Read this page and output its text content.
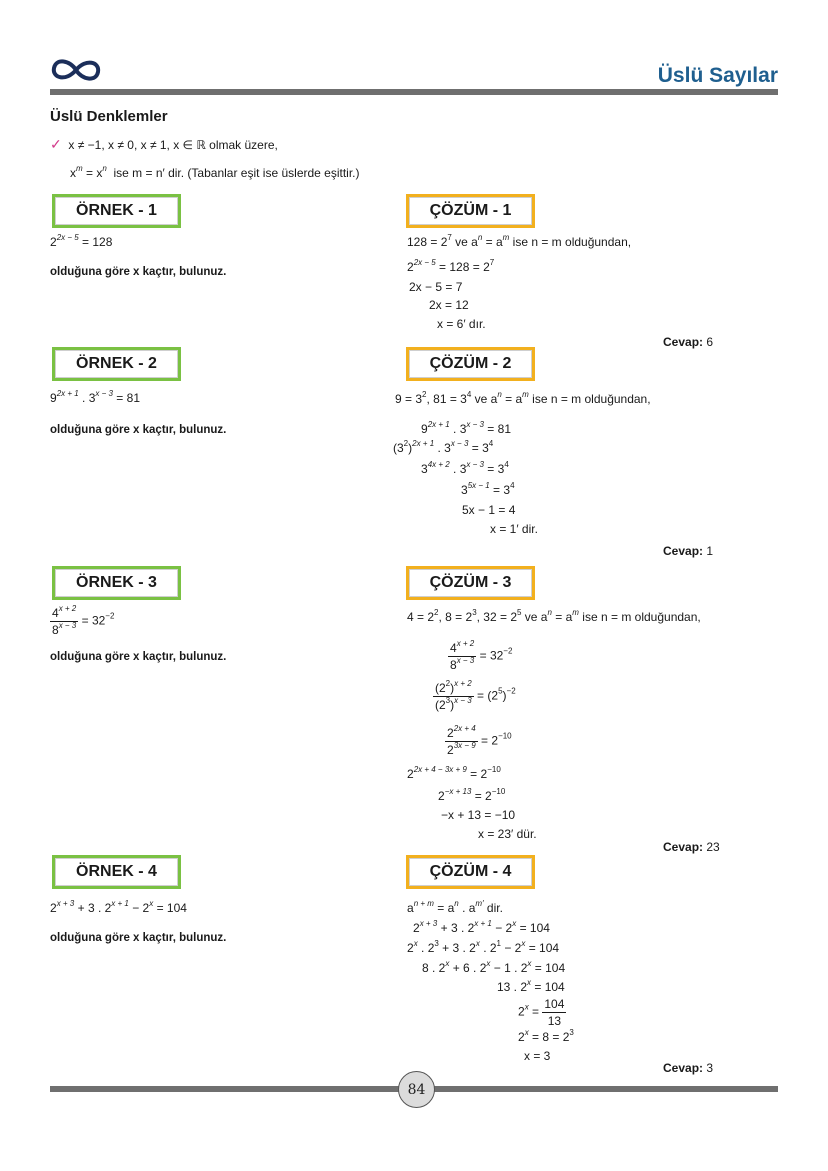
Üslü Sayılar
Üslü Denklemler
✓ x ≠ −1, x ≠ 0, x ≠ 1, x ∈ ℝ olmak üzere,
$x^m = x^n$ ise m = n′ dir. (Tabanlar eşit ise üslerde eşittir.)
ÖRNEK - 1
$2^{2x - 5} = 128$
olduğuna göre x kaçtır, bulunuz.
ÇÖZÜM - 1
$128 = 2^7$ ve $a^n = a^m$ ise n = m olduğundan,
$2^{2x - 5} = 128 = 2^7$
2x − 5 = 7
2x = 12
x = 6′ dır.
Cevap: 6
ÖRNEK - 2
$9^{2x + 1}$ . $3^{x - 3} = 81$
olduğuna göre x kaçtır, bulunuz.
ÇÖZÜM - 2
$9 = 3^2$, $81 = 3^4$ ve $a^n = a^m$ ise n = m olduğundan,
$9^{2x + 1}$ . $3^{x - 3} = 81$
$(3^2)^{2x + 1}$ . $3^{x - 3} = 3^4$
$3^{4x + 2}$ . $3^{x - 3} = 3^4$
$3^{5x - 1} = 3^4$
5x − 1 = 4
x = 1′ dir.
Cevap: 1
ÖRNEK - 3
$\frac{4^{x + 2}}{8^{x - 3}} = 32^{-2}$
olduğuna göre x kaçtır, bulunuz.
ÇÖZÜM - 3
$4 = 2^2$, $8 = 2^3$, $32 = 2^5$ ve $a^n = a^m$ ise n = m olduğundan,
$\frac{4^{x + 2}}{8^{x - 3}} = 32^{-2}$
$\frac{(2^2)^{x + 2}}{(2^3)^{x - 3}} = (2^5)^{-2}$
$\frac{2^{2x + 4}}{2^{3x - 9}} = 2^{-10}$
$2^{2x + 4 - 3x + 9} = 2^{-10}$
$2^{-x + 13} = 2^{-10}$
−x + 13 = −10
x = 23′ dür.
Cevap: 23
ÖRNEK - 4
$2^{x + 3} + 3$ . $2^{x + 1} - 2^x = 104$
olduğuna göre x kaçtır, bulunuz.
ÇÖZÜM - 4
$a^{n + m} = a^n$ . $a^{m'}$ dir.
$2^{x + 3} + 3$ . $2^{x + 1} - 2^x = 104$
2$^x$ . $2^3 + 3$ . 2$^x$ . $2^1 - 2^x = 104$
8 . $2^x + 6$ . $2^x - 1$ . $2^x = 104$
13 . $2^x = 104$
$2^x = \frac{104}{13}$
$2^x = 8 = 2^3$
x = 3
Cevap: 3
84
